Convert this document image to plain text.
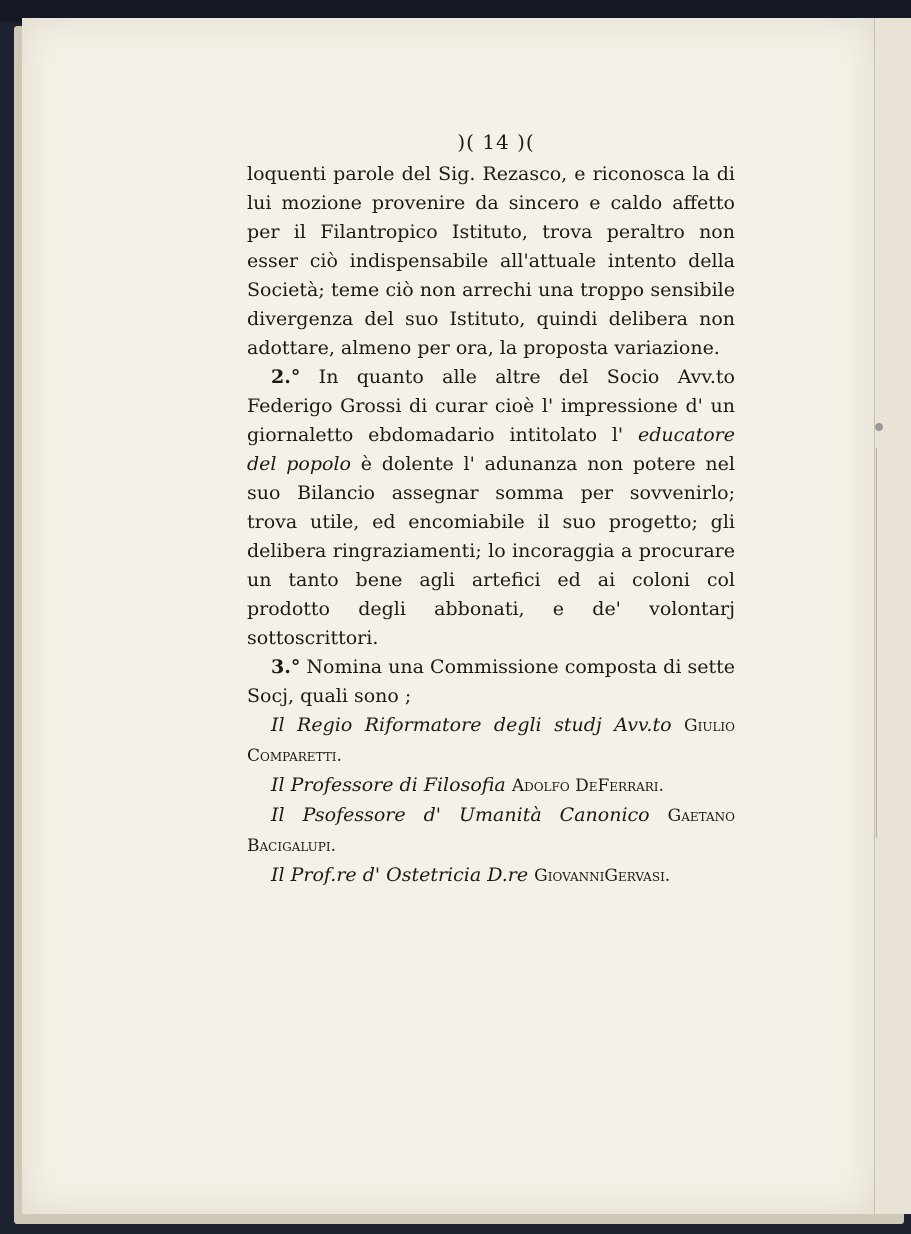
)( 14 )(
loquenti parole del Sig. Rezasco, e riconosca la di lui mozione provenire da sincero e caldo affetto per il Filantropico Istituto, trova peraltro non esser ciò indispensabile all'attuale intento della Società; teme ciò non arrechi una troppo sensibile divergenza del suo Istituto, quindi delibera non adottare, almeno per ora, la proposta variazione.
2.° In quanto alle altre del Socio Avv.to Federigo Grossi di curar cioè l' impressione d' un giornaletto ebdomadario intitolato l' educatore del popolo è dolente l' adunanza non potere nel suo Bilancio assegnar somma per sovvenirlo; trova utile, ed encomiabile il suo progetto; gli delibera ringraziamenti; lo incoraggia a procurare un tanto bene agli artefici ed ai coloni col prodotto degli abbonati, e de' volontarj sottoscrittori.
3.° Nomina una Commissione composta di sette Socj, quali sono ;
Il Regio Riformatore degli studj Avv.to Giulio Comparetti.
Il Professore di Filosofia Adolfo DeFerrari.
Il Psofessore d' Umanità Canonico Gaetano Bacigalupi.
Il Prof.re d' Ostetricia D.re GiovanniGervasi.
